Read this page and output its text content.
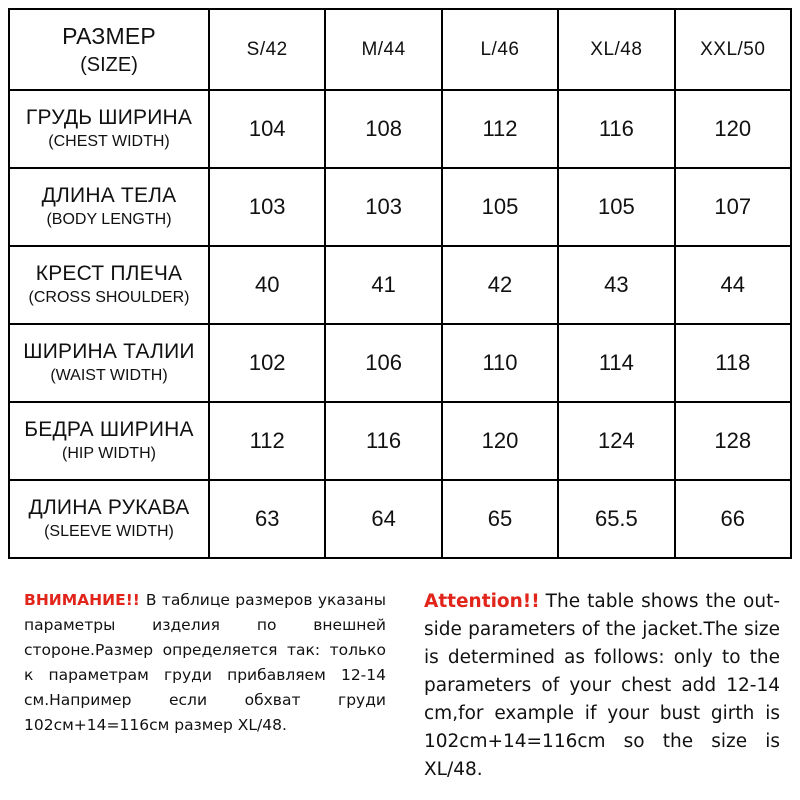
РАЗМЕР
(SIZE)	S/42	M/44	L/46	XL/48	XXL/50

ГРУДЬ ШИРИНА
(CHEST WIDTH)	104	108	112	116	120

ДЛИНА ТЕЛА
(BODY LENGTH)	103	103	105	105	107

КРЕСТ ПЛЕЧА
(CROSS SHOULDER)	40	41	42	43	44

ШИРИНА ТАЛИИ
(WAIST WIDTH)	102	106	110	114	118

БЕДРА ШИРИНА
(HIP WIDTH)	112	116	120	124	128

ДЛИНА РУКАВА
(SLEEVE WIDTH)	63	64	65	65.5	66
ВНИМАНИЕ!! В таблице размеров указаны параметры изделия по внешней стороне.Размер определяется так: только к параметрам груди прибавляем 12-14 см.Например если обхват груди 102см+14=116см размер XL/48.
Attention!! The table shows the out-side parameters of the jacket.The size is determined as follows: only to the parameters of your chest add 12-14 cm,for example if your bust girth is 102cm+14=116cm so the size is XL/48.
